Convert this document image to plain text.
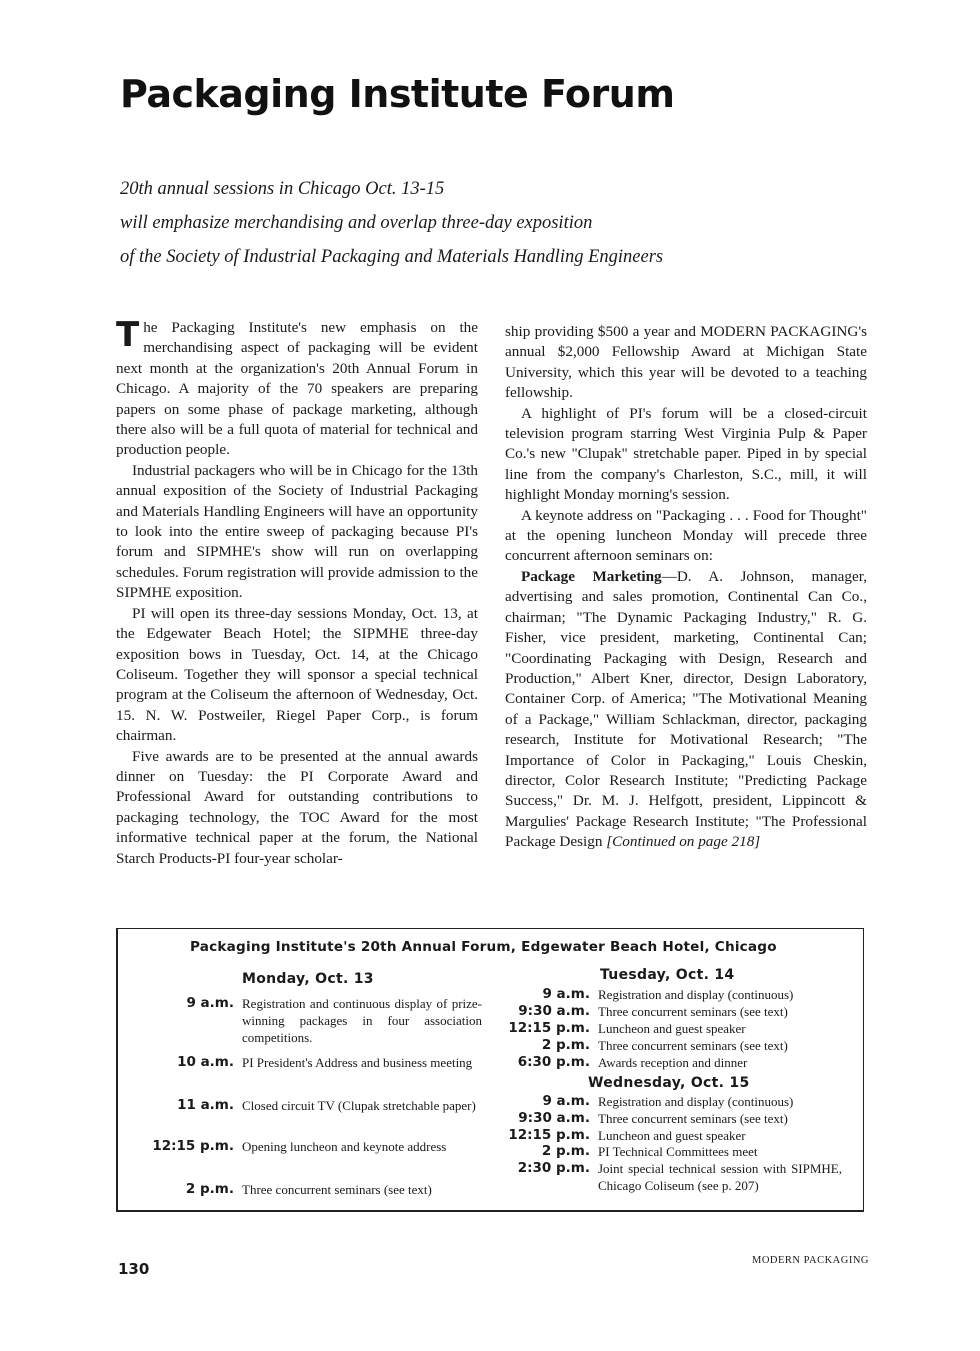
Packaging Institute Forum
20th annual sessions in Chicago Oct. 13-15
will emphasize merchandising and overlap three-day exposition
of the Society of Industrial Packaging and Materials Handling Engineers

The Packaging Institute's new emphasis on the merchandising aspect of packaging will be evident next month at the organization's 20th Annual Forum in Chicago. A majority of the 70 speakers are preparing papers on some phase of package marketing, although there also will be a full quota of material for technical and production people.

Industrial packagers who will be in Chicago for the 13th annual exposition of the Society of Industrial Packaging and Materials Handling Engineers will have an opportunity to look into the entire sweep of packaging because PI's forum and SIPMHE's show will run on overlapping schedules. Forum registration will provide admission to the SIPMHE exposition.

PI will open its three-day sessions Monday, Oct. 13, at the Edgewater Beach Hotel; the SIPMHE three-day exposition bows in Tuesday, Oct. 14, at the Chicago Coliseum. Together they will sponsor a special technical program at the Coliseum the afternoon of Wednesday, Oct. 15. N. W. Postweiler, Riegel Paper Corp., is forum chairman.

Five awards are to be presented at the annual awards dinner on Tuesday: the PI Corporate Award and Professional Award for outstanding contributions to packaging technology, the TOC Award for the most informative technical paper at the forum, the National Starch Products-PI four-year scholar-

ship providing $500 a year and MODERN PACKAGING's annual $2,000 Fellowship Award at Michigan State University, which this year will be devoted to a teaching fellowship.

A highlight of PI's forum will be a closed-circuit television program starring West Virginia Pulp & Paper Co.'s new "Clupak" stretchable paper. Piped in by special line from the company's Charleston, S.C., mill, it will highlight Monday morning's session.

A keynote address on "Packaging . . . Food for Thought" at the opening luncheon Monday will precede three concurrent afternoon seminars on:

Package Marketing—D. A. Johnson, manager, advertising and sales promotion, Continental Can Co., chairman; "The Dynamic Packaging Industry," R. G. Fisher, vice president, marketing, Continental Can; "Coordinating Packaging with Design, Research and Production," Albert Kner, director, Design Laboratory, Container Corp. of America; "The Motivational Meaning of a Package," William Schlackman, director, packaging research, Institute for Motivational Research; "The Importance of Color in Packaging," Louis Cheskin, director, Color Research Institute; "Predicting Package Success," Dr. M. J. Helfgott, president, Lippincott & Margulies' Package Research Institute; "The Professional Package Design [Continued on page 218]

Packaging Institute's 20th Annual Forum, Edgewater Beach Hotel, Chicago
Monday, Oct. 13
9 a.m. Registration and continuous display of prize-winning packages in four association competitions.
10 a.m. PI President's Address and business meeting
11 a.m. Closed circuit TV (Clupak stretchable paper)
12:15 p.m. Opening luncheon and keynote address
2 p.m. Three concurrent seminars (see text)
Tuesday, Oct. 14
9 a.m. Registration and display (continuous)
9:30 a.m. Three concurrent seminars (see text)
12:15 p.m. Luncheon and guest speaker
2 p.m. Three concurrent seminars (see text)
6:30 p.m. Awards reception and dinner
Wednesday, Oct. 15
9 a.m. Registration and display (continuous)
9:30 a.m. Three concurrent seminars (see text)
12:15 p.m. Luncheon and guest speaker
2 p.m. PI Technical Committees meet
2:30 p.m. Joint special technical session with SIPMHE, Chicago Coliseum (see p. 207)
130	MODERN PACKAGING
